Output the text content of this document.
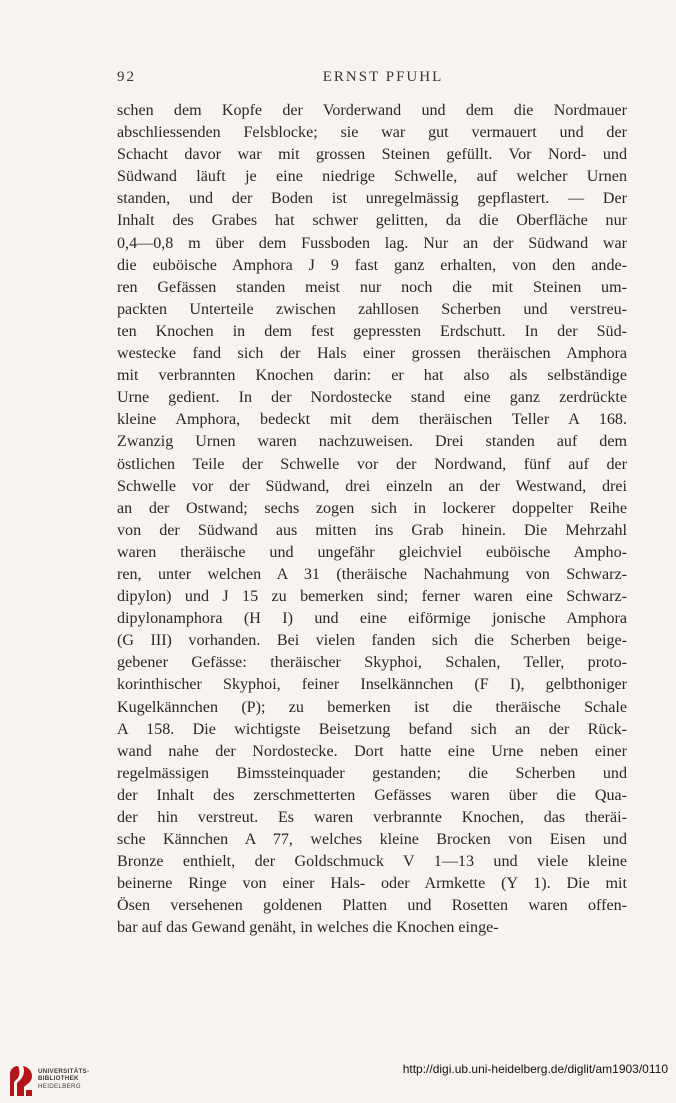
92	ERNST PFUHL
schen dem Kopfe der Vorderwand und dem die Nordmauer
abschliessenden Felsblocke; sie war gut vermauert und der
Schacht davor war mit grossen Steinen gefüllt. Vor Nord- und
Südwand läuft je eine niedrige Schwelle, auf welcher Urnen
standen, und der Boden ist unregelmässig gepflastert. — Der
Inhalt des Grabes hat schwer gelitten, da die Oberfläche nur
0,4—0,8 m über dem Fussboden lag. Nur an der Südwand war
die euböische Amphora J 9 fast ganz erhalten, von den ande-
ren Gefässen standen meist nur noch die mit Steinen um-
packten Unterteile zwischen zahllosen Scherben und verstreu-
ten Knochen in dem fest gepressten Erdschutt. In der Süd-
westecke fand sich der Hals einer grossen theräischen Amphora
mit verbrannten Knochen darin: er hat also als selbständige
Urne gedient. In der Nordostecke stand eine ganz zerdrückte
kleine Amphora, bedeckt mit dem theräischen Teller A 168.
Zwanzig Urnen waren nachzuweisen. Drei standen auf dem
östlichen Teile der Schwelle vor der Nordwand, fünf auf der
Schwelle vor der Südwand, drei einzeln an der Westwand, drei
an der Ostwand; sechs zogen sich in lockerer doppelter Reihe
von der Südwand aus mitten ins Grab hinein. Die Mehrzahl
waren theräische und ungefähr gleichviel euböische Ampho-
ren, unter welchen A 31 (theräische Nachahmung von Schwarz-
dipylon) und J 15 zu bemerken sind; ferner waren eine Schwarz-
dipylonamphora (H I) und eine eiförmige jonische Amphora
(G III) vorhanden. Bei vielen fanden sich die Scherben beige-
gebener Gefässe: theräischer Skyphoi, Schalen, Teller, proto-
korinthischer Skyphoi, feiner Inselkännchen (F I), gelbthoniger
Kugelkännchen (P); zu bemerken ist die theräische Schale
A 158. Die wichtigste Beisetzung befand sich an der Rück-
wand nahe der Nordostecke. Dort hatte eine Urne neben einer
regelmässigen Bimssteinquader gestanden; die Scherben und
der Inhalt des zerschmetterten Gefässes waren über die Qua-
der hin verstreut. Es waren verbrannte Knochen, das theräi-
sche Kännchen A 77, welches kleine Brocken von Eisen und
Bronze enthielt, der Goldschmuck V 1—13 und viele kleine
beinerne Ringe von einer Hals- oder Armkette (Y 1). Die mit
Ösen versehenen goldenen Platten und Rosetten waren offen-
bar auf das Gewand genäht, in welches die Knochen einge-
UNIVERSITÄTS-
BIBLIOTHEK
HEIDELBERG
http://digi.ub.uni-heidelberg.de/diglit/am1903/0110
